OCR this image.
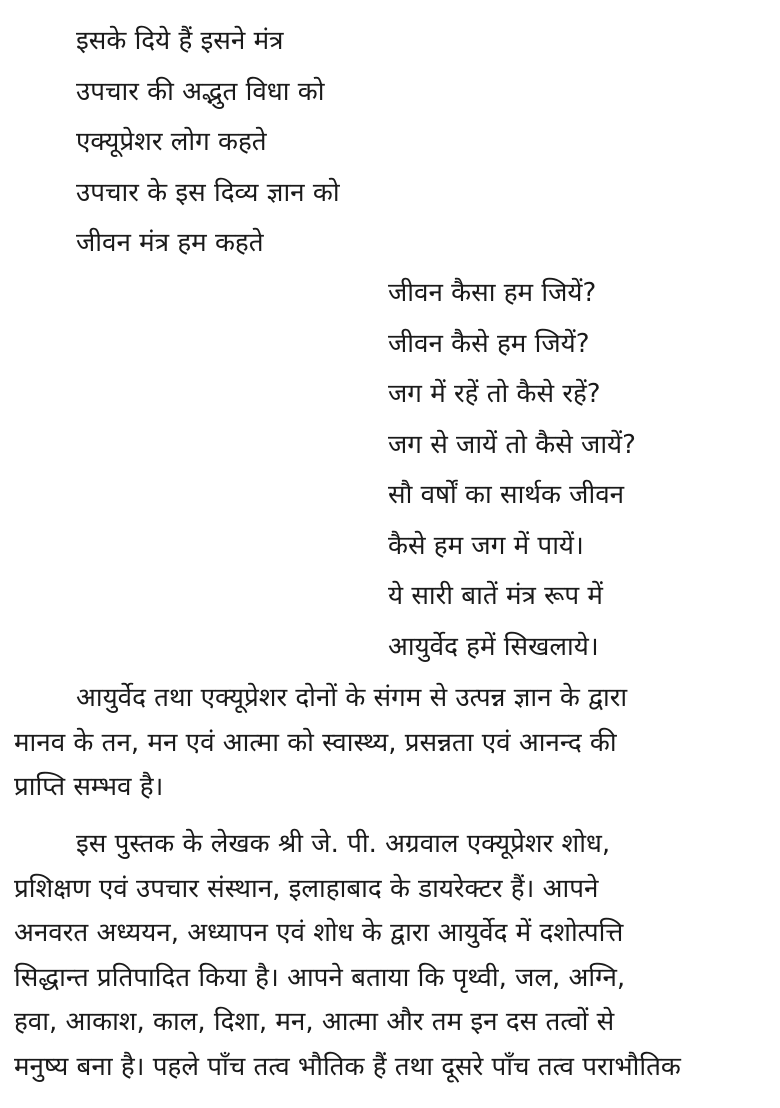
इसके दिये हैं इसने मंत्र
उपचार की अद्भुत विधा को
एक्यूप्रेशर लोग कहते
उपचार के इस दिव्य ज्ञान को
जीवन मंत्र हम कहते
जीवन कैसा हम जियें?
जीवन कैसे हम जियें?
जग में रहें तो कैसे रहें?
जग से जायें तो कैसे जायें?
सौ वर्षों का सार्थक जीवन
कैसे हम जग में पायें।
ये सारी बातें मंत्र रूप में
आयुर्वेद हमें सिखलाये।
आयुर्वेद तथा एक्यूप्रेशर दोनों के संगम से उत्पन्न ज्ञान के द्वारा
मानव के तन, मन एवं आत्मा को स्वास्थ्य, प्रसन्नता एवं आनन्द की
प्राप्ति सम्भव है।
इस पुस्तक के लेखक श्री जे. पी. अग्रवाल एक्यूप्रेशर शोध,
प्रशिक्षण एवं उपचार संस्थान, इलाहाबाद के डायरेक्टर हैं। आपने
अनवरत अध्ययन, अध्यापन एवं शोध के द्वारा आयुर्वेद में दशोत्पत्ति
सिद्धान्त प्रतिपादित किया है। आपने बताया कि पृथ्वी, जल, अग्नि,
हवा, आकाश, काल, दिशा, मन, आत्मा और तम इन दस तत्वों से
मनुष्य बना है। पहले पाँच तत्व भौतिक हैं तथा दूसरे पाँच तत्व पराभौतिक
